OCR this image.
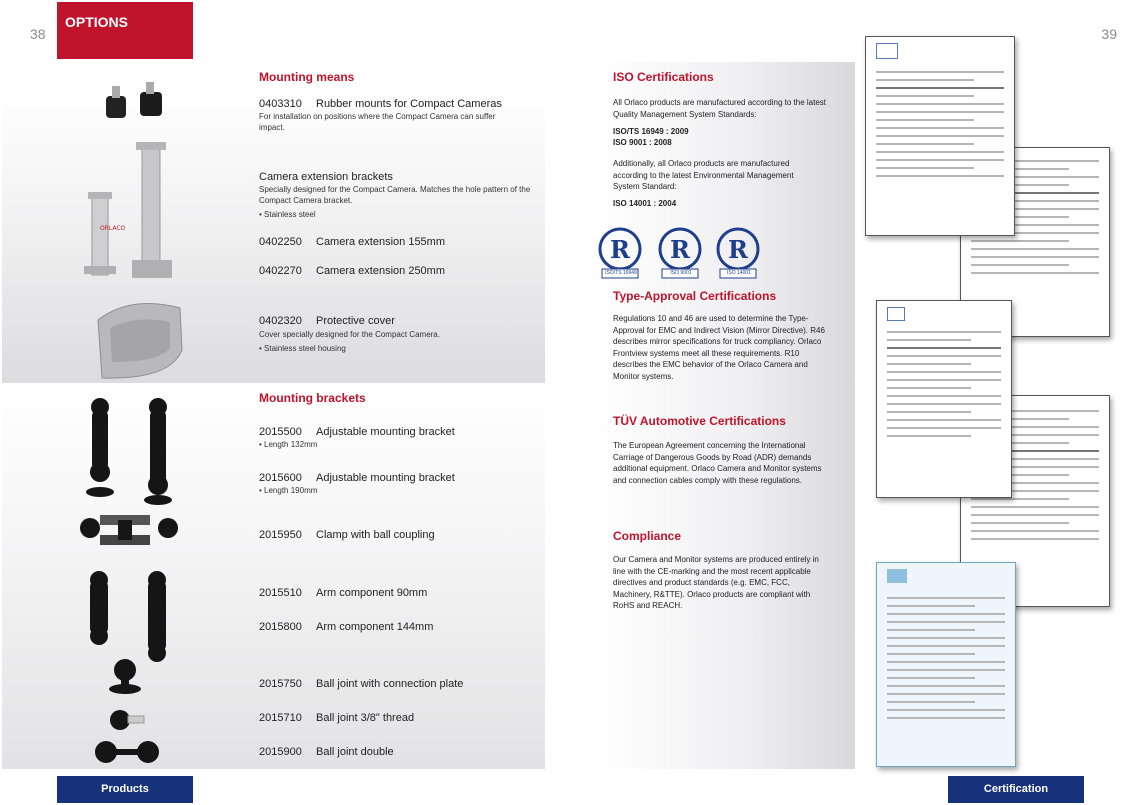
38	39
OPTIONS
ORLACO
Mounting means
0403310 Rubber mounts for Compact Cameras
For installation on positions where the Compact Camera can suffer impact.
Camera extension brackets
Specially designed for the Compact Camera. Matches the hole pattern of the Compact Camera bracket.
• Stainless steel
0402250 Camera extension 155mm
0402270 Camera extension 250mm
0402320 Protective cover
Cover specially designed for the Compact Camera.
• Stainless steel housing
Mounting brackets
2015500 Adjustable mounting bracket
• Length 132mm
2015600 Adjustable mounting bracket
• Length 190mm
2015950 Clamp with ball coupling
2015510 Arm component 90mm
2015800 Arm component 144mm
2015750 Ball joint with connection plate
2015710 Ball joint 3/8" thread
2015900 Ball joint double
ISO Certifications
All Orlaco products are manufactured according to the latest Quality Management System Standards:
ISO/TS 16949 : 2009
ISO 9001 : 2008
Additionally, all Orlaco products are manufactured according to the latest Environmental Management System Standard:
ISO 14001 : 2004
R R R
ISO/TS 16949	ISO 9001	ISO 14001
Type-Approval Certifications
Regulations 10 and 46 are used to determine the Type-Approval for EMC and Indirect Vision (Mirror Directive). R46 describes mirror specifications for truck compliancy. Orlaco Frontview systems meet all these requirements. R10 describes the EMC behavior of the Orlaco Camera and Monitor systems.
TÜV Automotive Certifications
The European Agreement concerning the International Carriage of Dangerous Goods by Road (ADR) demands additional equipment. Orlaco Camera and Monitor systems and connection cables comply with these regulations.
Compliance
Our Camera and Monitor systems are produced entirely in line with the CE-marking and the most recent applicable directives and product standards (e.g. EMC, FCC, Machinery, R&TTE). Orlaco products are compliant with RoHS and REACH.
Products	Certification
